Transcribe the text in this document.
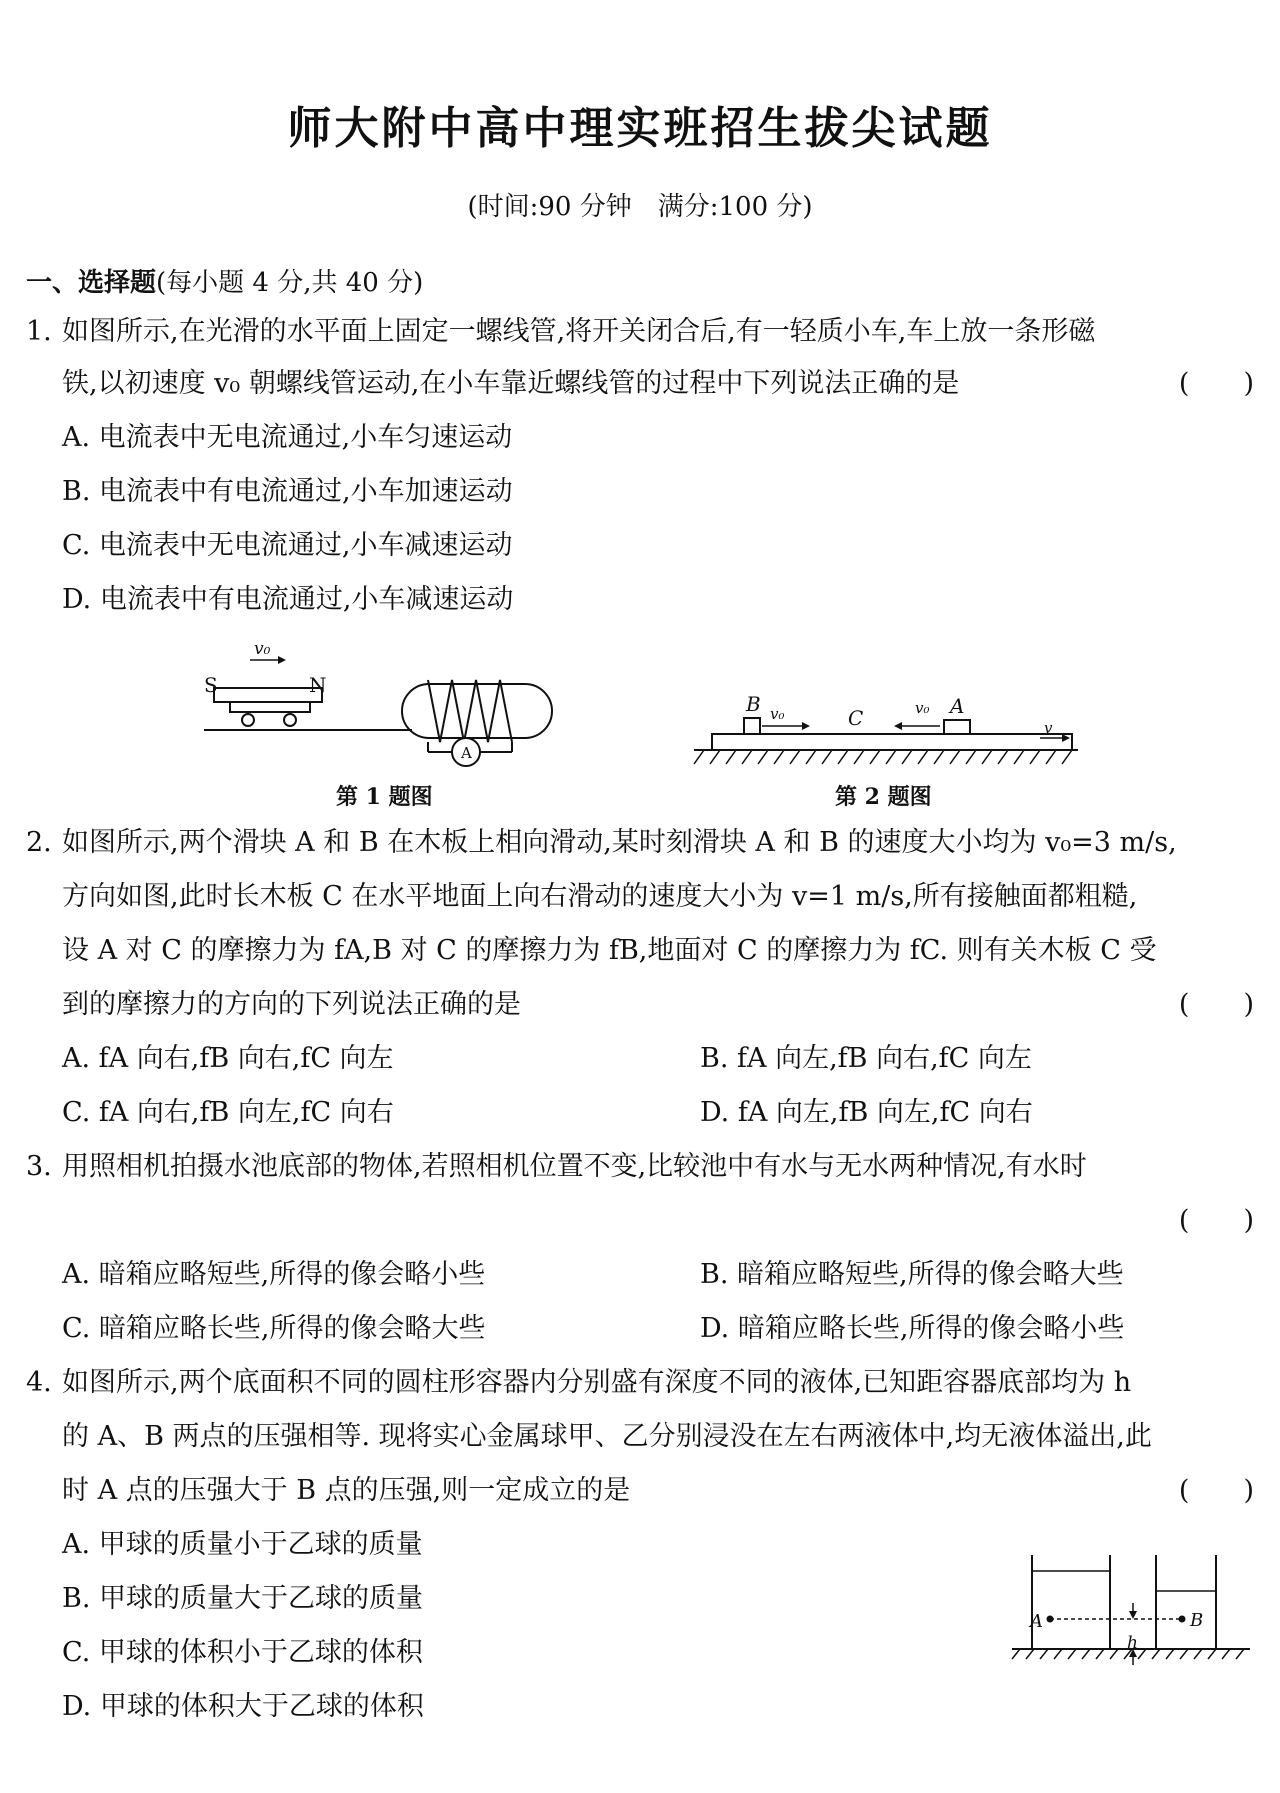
师大附中高中理实班招生拔尖试题
(时间:90 分钟　满分:100 分)
一、选择题(每小题 4 分,共 40 分)
1. 如图所示,在光滑的水平面上固定一螺线管,将开关闭合后,有一轻质小车,车上放一条形磁
铁,以初速度 v₀ 朝螺线管运动,在小车靠近螺线管的过程中下列说法正确的是	(　　)
A. 电流表中无电流通过,小车匀速运动
B. 电流表中有电流通过,小车加速运动
C. 电流表中无电流通过,小车减速运动
D. 电流表中有电流通过,小车减速运动
S	N
v₀
A
第 1 题图
B	A
C
v₀	v₀
v
第 2 题图
2. 如图所示,两个滑块 A 和 B 在木板上相向滑动,某时刻滑块 A 和 B 的速度大小均为 v₀=3 m/s,
方向如图,此时长木板 C 在水平地面上向右滑动的速度大小为 v=1 m/s,所有接触面都粗糙,
设 A 对 C 的摩擦力为 fA,B 对 C 的摩擦力为 fB,地面对 C 的摩擦力为 fC. 则有关木板 C 受
到的摩擦力的方向的下列说法正确的是	(　　)
A. fA 向右,fB 向右,fC 向左	B. fA 向左,fB 向右,fC 向左
C. fA 向右,fB 向左,fC 向右	D. fA 向左,fB 向左,fC 向右
3. 用照相机拍摄水池底部的物体,若照相机位置不变,比较池中有水与无水两种情况,有水时
(　　)
A. 暗箱应略短些,所得的像会略小些	B. 暗箱应略短些,所得的像会略大些
C. 暗箱应略长些,所得的像会略大些	D. 暗箱应略长些,所得的像会略小些
4. 如图所示,两个底面积不同的圆柱形容器内分别盛有深度不同的液体,已知距容器底部均为 h
的 A、B 两点的压强相等. 现将实心金属球甲、乙分别浸没在左右两液体中,均无液体溢出,此
时 A 点的压强大于 B 点的压强,则一定成立的是	(　　)
A. 甲球的质量小于乙球的质量
B. 甲球的质量大于乙球的质量
C. 甲球的体积小于乙球的体积
D. 甲球的体积大于乙球的体积
A	B
h
